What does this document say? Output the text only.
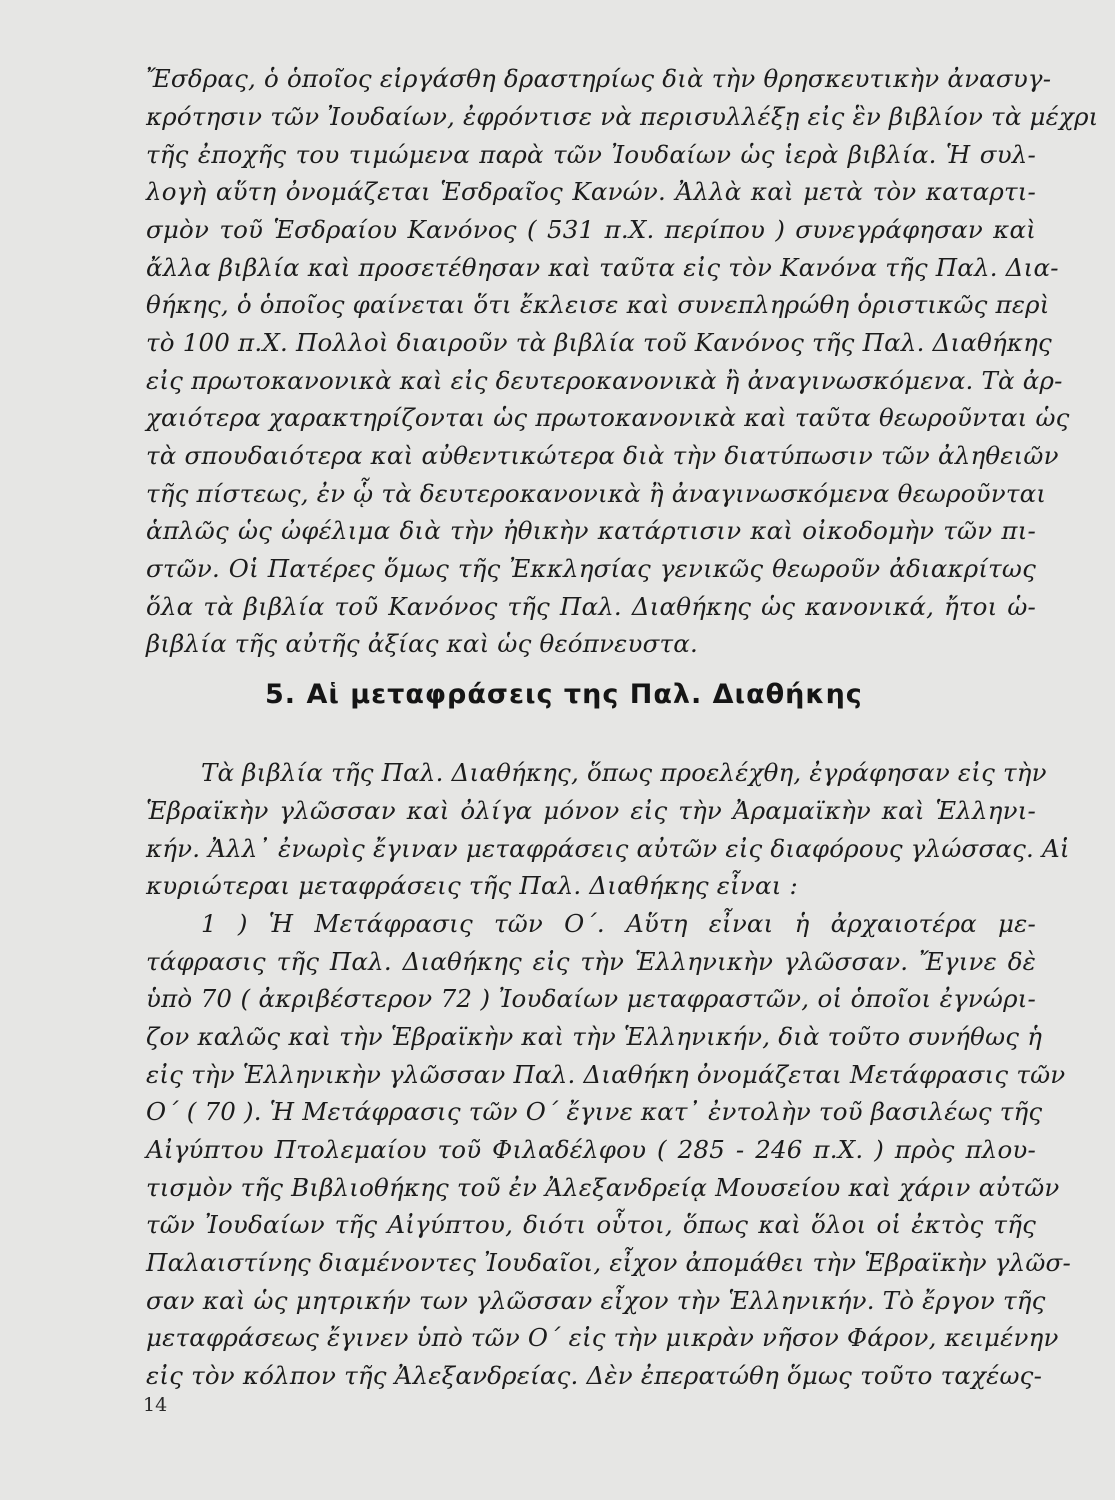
Ἔσδρας, ὁ ὁποῖος εἰργάσθη δραστηρίως διὰ τὴν θρησκευτικὴν ἀνασυγ-
κρότησιν τῶν Ἰουδαίων, ἐφρόντισε νὰ περισυλλέξῃ εἰς ἓν βιβλίον τὰ μέχρι
τῆς ἐποχῆς του τιμώμενα παρὰ τῶν Ἰουδαίων ὡς ἱερὰ βιβλία. Ἡ συλ-
λογὴ αὕτη ὀνομάζεται Ἑσδραῖος Κανών. Ἀλλὰ καὶ μετὰ τὸν καταρτι-
σμὸν τοῦ Ἑσδραίου Κανόνος ( 531 π.Χ. περίπου ) συνεγράφησαν καὶ
ἄλλα βιβλία καὶ προσετέθησαν καὶ ταῦτα εἰς τὸν Κανόνα τῆς Παλ. Δια-
θήκης, ὁ ὁποῖος φαίνεται ὅτι ἔκλεισε καὶ συνεπληρώθη ὁριστικῶς περὶ
τὸ 100 π.Χ. Πολλοὶ διαιροῦν τὰ βιβλία τοῦ Κανόνος τῆς Παλ. Διαθήκης
εἰς πρωτοκανονικὰ καὶ εἰς δευτεροκανονικὰ ἢ ἀναγινωσκόμενα. Τὰ ἀρ-
χαιότερα χαρακτηρίζονται ὡς πρωτοκανονικὰ καὶ ταῦτα θεωροῦνται ὡς
τὰ σπουδαιότερα καὶ αὐθεντικώτερα διὰ τὴν διατύπωσιν τῶν ἀληθειῶν
τῆς πίστεως, ἐν ᾧ τὰ δευτεροκανονικὰ ἢ ἀναγινωσκόμενα θεωροῦνται
ἁπλῶς ὡς ὠφέλιμα διὰ τὴν ἠθικὴν κατάρτισιν καὶ οἰκοδομὴν τῶν πι-
στῶν. Οἱ Πατέρες ὅμως τῆς Ἐκκλησίας γενικῶς θεωροῦν ἀδιακρίτως
ὅλα τὰ βιβλία τοῦ Κανόνος τῆς Παλ. Διαθήκης ὡς κανονικά, ἤτοι ὡ-
βιβλία τῆς αὐτῆς ἀξίας καὶ ὡς θεόπνευστα.
5. Αἱ μεταφράσεις της Παλ. Διαθήκης
Τὰ βιβλία τῆς Παλ. Διαθήκης, ὅπως προελέχθη, ἐγράφησαν εἰς τὴν
Ἑβραϊκὴν γλῶσσαν καὶ ὀλίγα μόνον εἰς τὴν Ἀραμαϊκὴν καὶ Ἑλληνι-
κήν. Ἀλλ᾽ ἐνωρὶς ἔγιναν μεταφράσεις αὐτῶν εἰς διαφόρους γλώσσας. Αἱ
κυριώτεραι μεταφράσεις τῆς Παλ. Διαθήκης εἶναι :
1 ) Ἡ Μετάφρασις τῶν Ο΄. Αὕτη εἶναι ἡ ἀρχαιοτέρα με-
τάφρασις τῆς Παλ. Διαθήκης εἰς τὴν Ἑλληνικὴν γλῶσσαν. Ἔγινε δὲ
ὑπὸ 70 ( ἀκριβέστερον 72 ) Ἰουδαίων μεταφραστῶν, οἱ ὁποῖοι ἐγνώρι-
ζον καλῶς καὶ τὴν Ἑβραϊκὴν καὶ τὴν Ἑλληνικήν, διὰ τοῦτο συνήθως ἡ
εἰς τὴν Ἑλληνικὴν γλῶσσαν Παλ. Διαθήκη ὀνομάζεται Μετάφρασις τῶν
Ο΄ ( 70 ). Ἡ Μετάφρασις τῶν Ο΄ ἔγινε κατ᾽ ἐντολὴν τοῦ βασιλέως τῆς
Αἰγύπτου Πτολεμαίου τοῦ Φιλαδέλφου ( 285 - 246 π.Χ. ) πρὸς πλου-
τισμὸν τῆς Βιβλιοθήκης τοῦ ἐν Ἀλεξανδρείᾳ Μουσείου καὶ χάριν αὐτῶν
τῶν Ἰουδαίων τῆς Αἰγύπτου, διότι οὗτοι, ὅπως καὶ ὅλοι οἱ ἐκτὸς τῆς
Παλαιστίνης διαμένοντες Ἰουδαῖοι, εἶχον ἀπομάθει τὴν Ἑβραϊκὴν γλῶσ-
σαν καὶ ὡς μητρικήν των γλῶσσαν εἶχον τὴν Ἑλληνικήν. Τὸ ἔργον τῆς
μεταφράσεως ἔγινεν ὑπὸ τῶν Ο΄ εἰς τὴν μικρὰν νῆσον Φάρον, κειμένην
εἰς τὸν κόλπον τῆς Ἀλεξανδρείας. Δὲν ἐπερατώθη ὅμως τοῦτο ταχέως-
14
